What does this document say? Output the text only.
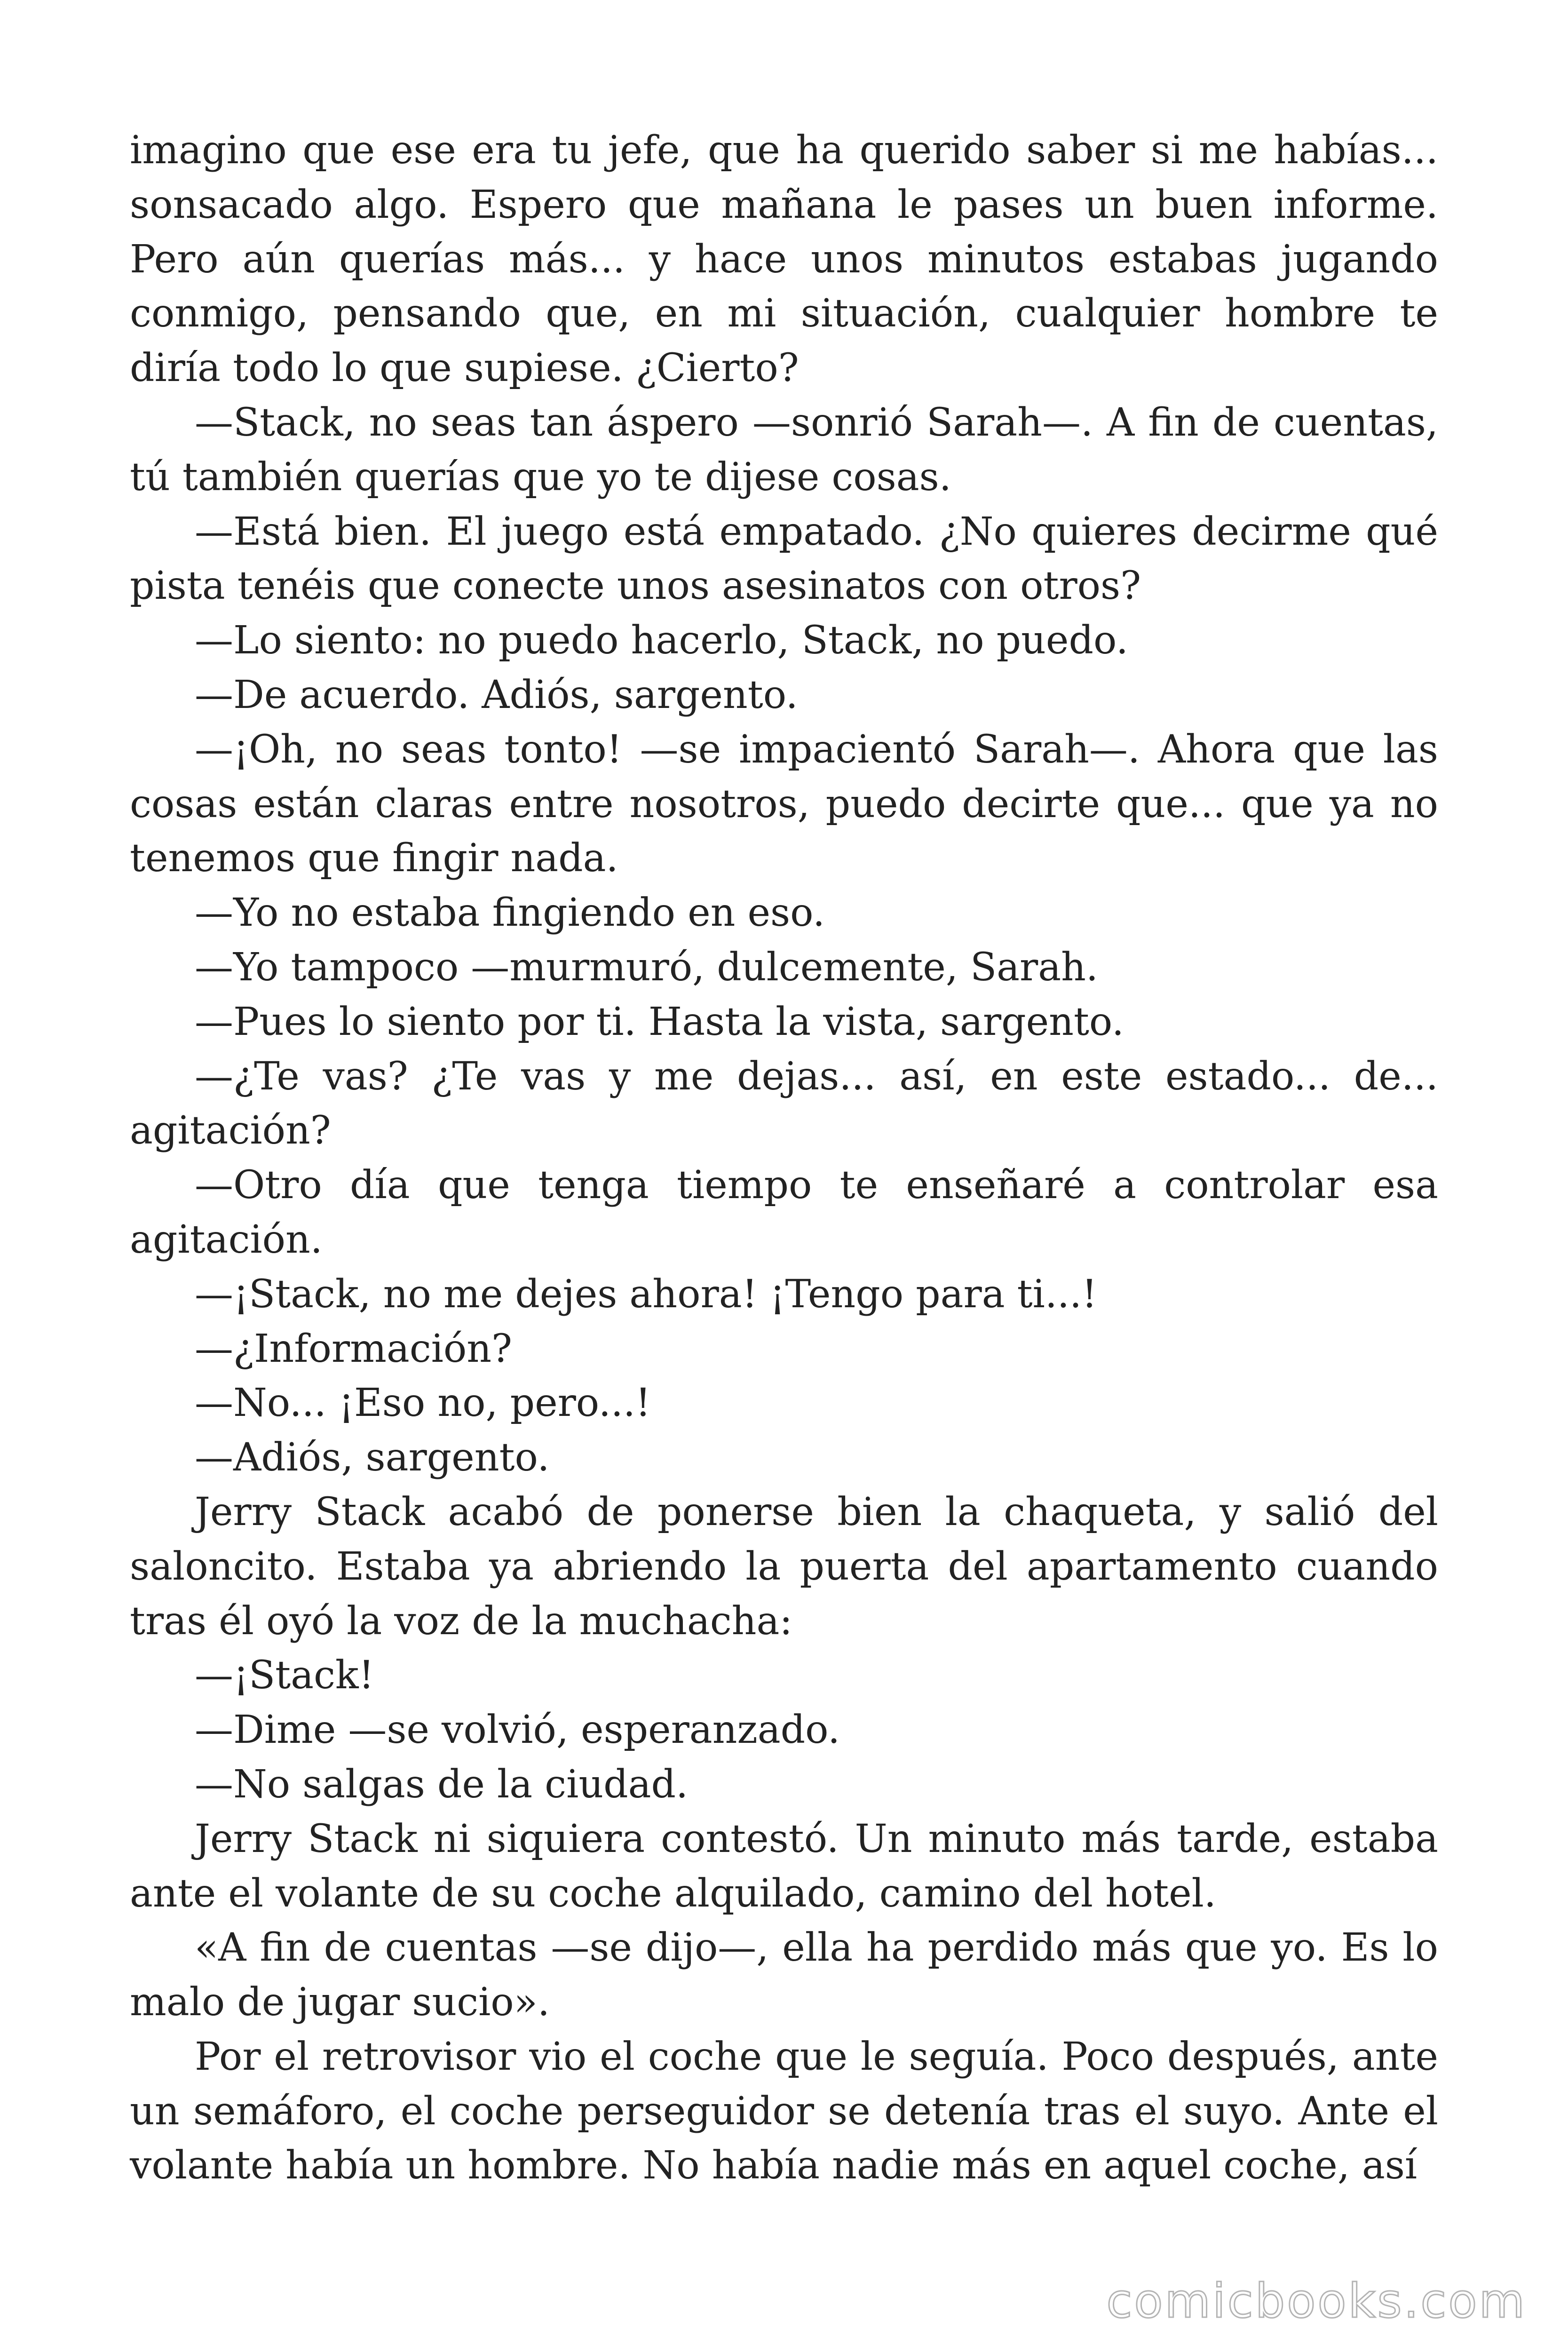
imagino que ese era tu jefe, que ha querido saber si me habías... sonsacado algo. Espero que mañana le pases un buen informe. Pero aún querías más... y hace unos minutos estabas jugando conmigo, pensando que, en mi situación, cualquier hombre te diría todo lo que supiese. ¿Cierto?

—Stack, no seas tan áspero —sonrió Sarah—. A fin de cuentas, tú también querías que yo te dijese cosas.

—Está bien. El juego está empatado. ¿No quieres decirme qué pista tenéis que conecte unos asesinatos con otros?

—Lo siento: no puedo hacerlo, Stack, no puedo.

—De acuerdo. Adiós, sargento.

—¡Oh, no seas tonto! —se impacientó Sarah—. Ahora que las cosas están claras entre nosotros, puedo decirte que... que ya no tenemos que fingir nada.

—Yo no estaba fingiendo en eso.

—Yo tampoco —murmuró, dulcemente, Sarah.

—Pues lo siento por ti. Hasta la vista, sargento.

—¿Te vas? ¿Te vas y me dejas... así, en este estado... de... agitación?

—Otro día que tenga tiempo te enseñaré a controlar esa agitación.

—¡Stack, no me dejes ahora! ¡Tengo para ti...!

—¿Información?

—No... ¡Eso no, pero...!

—Adiós, sargento.

Jerry Stack acabó de ponerse bien la chaqueta, y salió del saloncito. Estaba ya abriendo la puerta del apartamento cuando tras él oyó la voz de la muchacha:

—¡Stack!

—Dime —se volvió, esperanzado.

—No salgas de la ciudad.

Jerry Stack ni siquiera contestó. Un minuto más tarde, estaba ante el volante de su coche alquilado, camino del hotel.

«A fin de cuentas —se dijo—, ella ha perdido más que yo. Es lo malo de jugar sucio».

Por el retrovisor vio el coche que le seguía. Poco después, ante un semáforo, el coche perseguidor se detenía tras el suyo. Ante el volante había un hombre. No había nadie más en aquel coche, así

comicbooks.com
